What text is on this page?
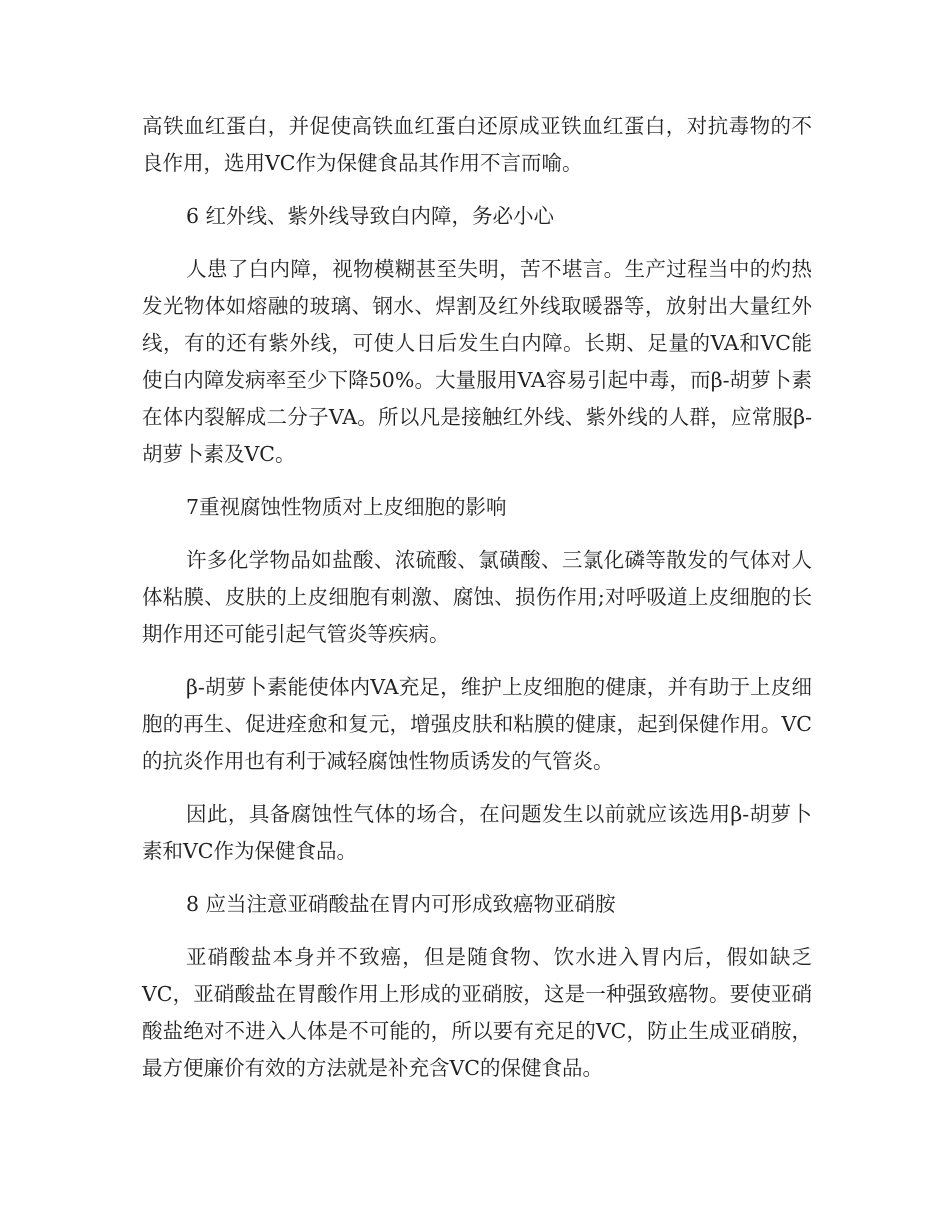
高铁血红蛋白，并促使高铁血红蛋白还原成亚铁血红蛋白，对抗毒物的不良作用，选用VC作为保健食品其作用不言而喻。

6 红外线、紫外线导致白内障，务必小心

人患了白内障，视物模糊甚至失明，苦不堪言。生产过程当中的灼热发光物体如熔融的玻璃、钢水、焊割及红外线取暖器等，放射出大量红外线，有的还有紫外线，可使人日后发生白内障。长期、足量的VA和VC能使白内障发病率至少下降50%。大量服用VA容易引起中毒，而β-胡萝卜素在体内裂解成二分子VA。所以凡是接触红外线、紫外线的人群，应常服β-胡萝卜素及VC。

7重视腐蚀性物质对上皮细胞的影响

许多化学物品如盐酸、浓硫酸、氯磺酸、三氯化磷等散发的气体对人体粘膜、皮肤的上皮细胞有刺激、腐蚀、损伤作用;对呼吸道上皮细胞的长期作用还可能引起气管炎等疾病。

β-胡萝卜素能使体内VA充足，维护上皮细胞的健康，并有助于上皮细胞的再生、促进痊愈和复元，增强皮肤和粘膜的健康，起到保健作用。VC的抗炎作用也有利于减轻腐蚀性物质诱发的气管炎。

因此，具备腐蚀性气体的场合，在问题发生以前就应该选用β-胡萝卜素和VC作为保健食品。

8 应当注意亚硝酸盐在胃内可形成致癌物亚硝胺

亚硝酸盐本身并不致癌，但是随食物、饮水进入胃内后，假如缺乏VC，亚硝酸盐在胃酸作用上形成的亚硝胺，这是一种强致癌物。要使亚硝酸盐绝对不进入人体是不可能的，所以要有充足的VC，防止生成亚硝胺，最方便廉价有效的方法就是补充含VC的保健食品。
